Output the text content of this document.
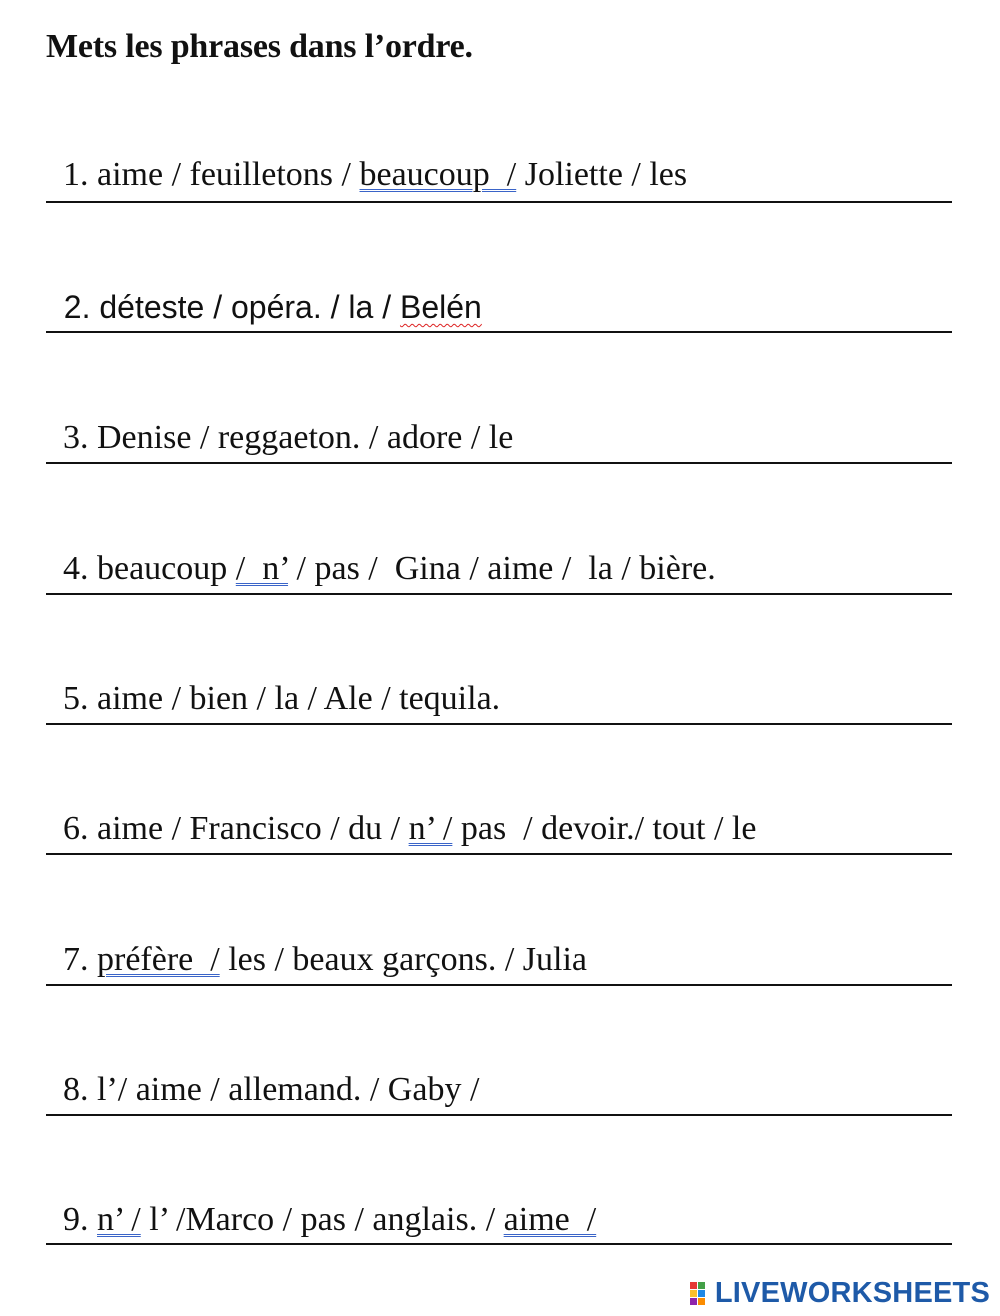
Mets les phrases dans l’ordre.

1. aime / feuilletons / beaucoup  / Joliette / les

2. déteste / opéra. / la / Belén

3. Denise / reggaeton. / adore / le

4. beaucoup /  n’ / pas /  Gina / aime /  la / bière.

5. aime / bien / la / Ale / tequila.

6. aime / Francisco / du / n’ / pas  / devoir./ tout / le

7. préfère  / les / beaux garçons. / Julia

8. l’/ aime / allemand. / Gaby /

9. n’ / l’ /Marco / pas / anglais. / aime  /

LIVEWORKSHEETS
